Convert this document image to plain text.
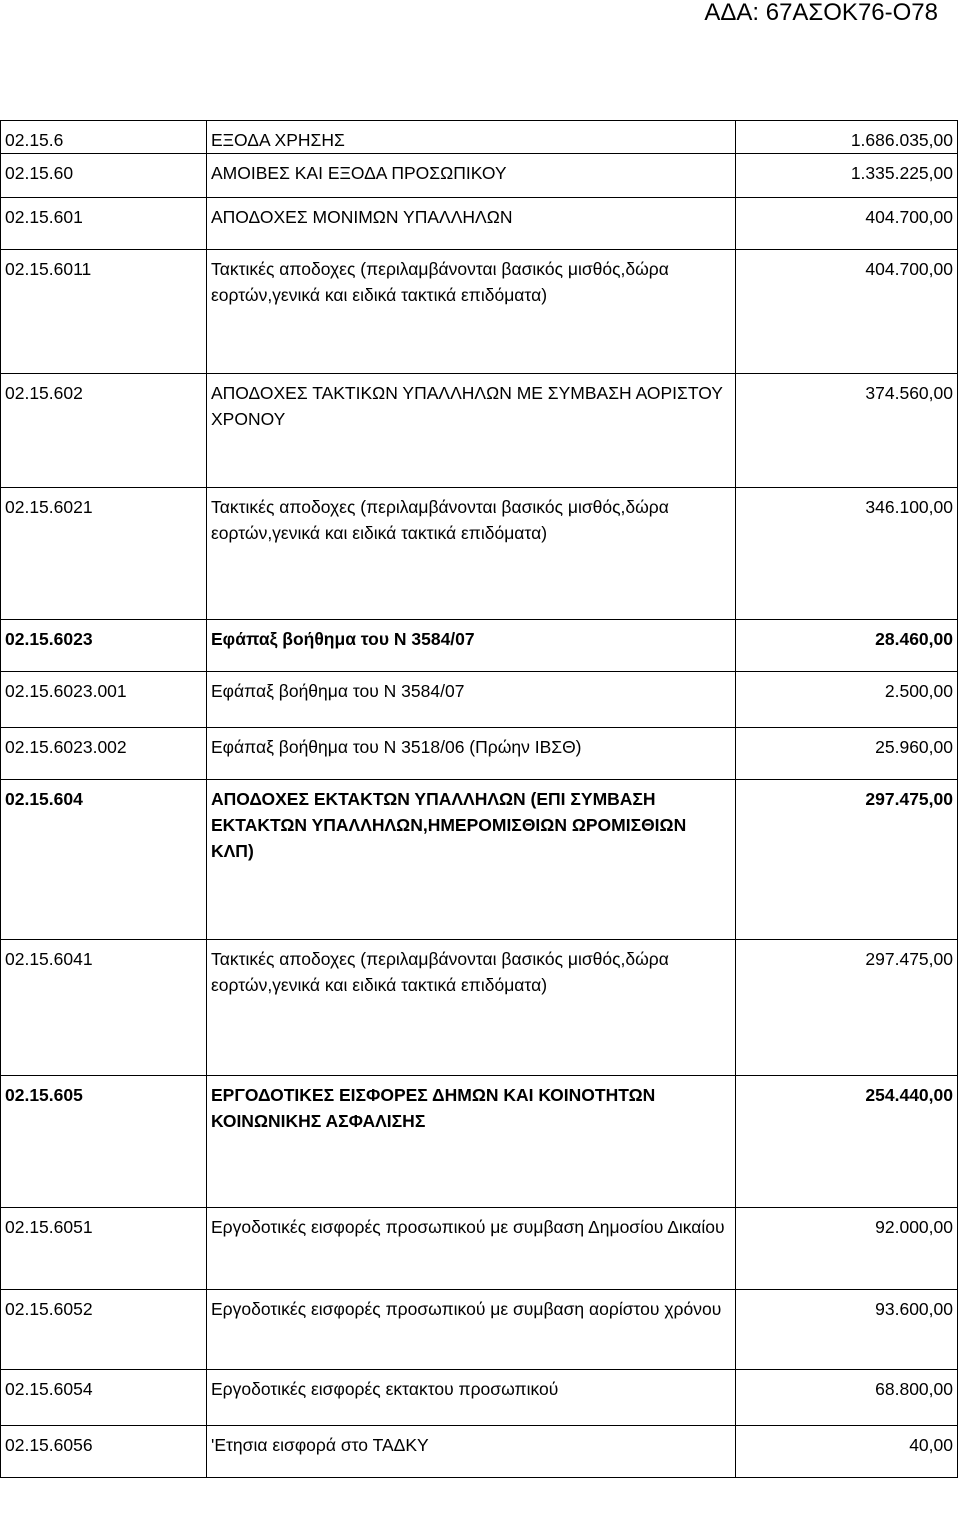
ΑΔΑ: 67ΑΣΟΚ76-Ο78
02.15.6	ΕΞΟΔΑ ΧΡΗΣΗΣ	1.686.035,00
02.15.60	ΑΜΟΙΒΕΣ ΚΑΙ ΕΞΟΔΑ ΠΡΟΣΩΠΙΚΟΥ	1.335.225,00
02.15.601	ΑΠΟΔΟΧΕΣ ΜΟΝΙΜΩΝ ΥΠΑΛΛΗΛΩΝ	404.700,00
02.15.6011	Τακτικές αποδοχες (περιλαμβάνονται βασικός μισθός,δώρα εορτών,γενικά και ειδικά τακτικά επιδόματα)	404.700,00
02.15.602	ΑΠΟΔΟΧΕΣ ΤΑΚΤΙΚΩΝ ΥΠΑΛΛΗΛΩΝ ΜΕ ΣΥΜΒΑΣΗ ΑΟΡΙΣΤΟΥ ΧΡΟΝΟΥ	374.560,00
02.15.6021	Τακτικές αποδοχες (περιλαμβάνονται βασικός μισθός,δώρα εορτών,γενικά και ειδικά τακτικά επιδόματα)	346.100,00
02.15.6023	Εφάπαξ βοήθημα του Ν 3584/07	28.460,00
02.15.6023.001	Εφάπαξ βοήθημα του Ν 3584/07	2.500,00
02.15.6023.002	Εφάπαξ βοήθημα του Ν 3518/06 (Πρώην ΙΒΣΘ)	25.960,00
02.15.604	ΑΠΟΔΟΧΕΣ ΕΚΤΑΚΤΩΝ ΥΠΑΛΛΗΛΩΝ (ΕΠΙ ΣΥΜΒΑΣΗ ΕΚΤΑΚΤΩΝ ΥΠΑΛΛΗΛΩΝ,ΗΜΕΡΟΜΙΣΘΙΩΝ ΩΡΟΜΙΣΘΙΩΝ ΚΛΠ)	297.475,00
02.15.6041	Τακτικές αποδοχες (περιλαμβάνονται βασικός μισθός,δώρα εορτών,γενικά και ειδικά τακτικά επιδόματα)	297.475,00
02.15.605	ΕΡΓΟΔΟΤΙΚΕΣ ΕΙΣΦΟΡΕΣ ΔΗΜΩΝ ΚΑΙ ΚΟΙΝΟΤΗΤΩΝ ΚΟΙΝΩΝΙΚΗΣ ΑΣΦΑΛΙΣΗΣ	254.440,00
02.15.6051	Εργοδοτικές εισφορές προσωπικού με συμβαση Δημοσίου Δικαίου	92.000,00
02.15.6052	Εργοδοτικές εισφορές προσωπικού με συμβαση αορίστου χρόνου	93.600,00
02.15.6054	Εργοδοτικές εισφορές εκτακτου προσωπικού	68.800,00
02.15.6056	'Ετησια εισφορά στο ΤΑΔΚΥ	40,00
